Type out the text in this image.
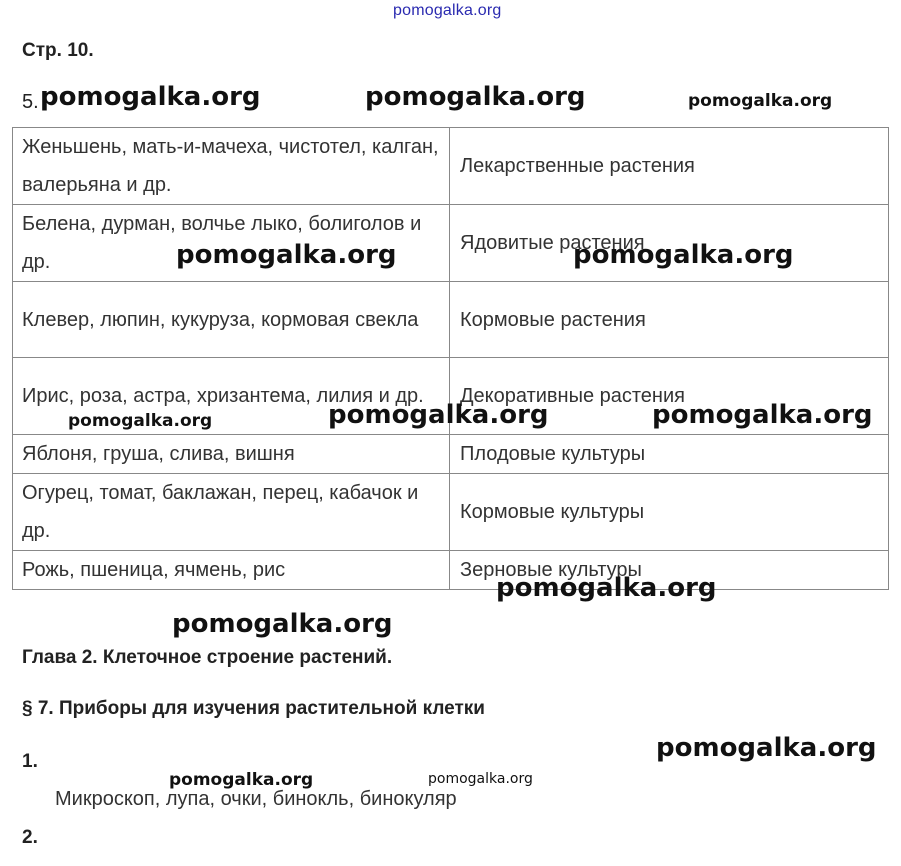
pomogalka.org
Стр. 10.
5.
Женьшень, мать-и-мачеха, чистотел, калган, валерьяна и др.	Лекарственные растения
Белена, дурман, волчье лыко, болиголов и др.	Ядовитые растения
Клевер, люпин, кукуруза, кормовая свекла	Кормовые растения
Ирис, роза, астра, хризантема, лилия и др.	Декоративные растения
Яблоня, груша, слива, вишня	Плодовые культуры
Огурец, томат, баклажан, перец, кабачок и др.	Кормовые культуры
Рожь, пшеница, ячмень, рис	Зерновые культуры
Глава 2. Клеточное строение растений.
§ 7. Приборы для изучения растительной клетки
1.
Микроскоп, лупа, очки, бинокль, бинокуляр
2.
pomogalka.org	pomogalka.org	pomogalka.org
pomogalka.org	pomogalka.org
pomogalka.org	pomogalka.org	pomogalka.org
pomogalka.org
pomogalka.org
pomogalka.org
pomogalka.org	pomogalka.org
